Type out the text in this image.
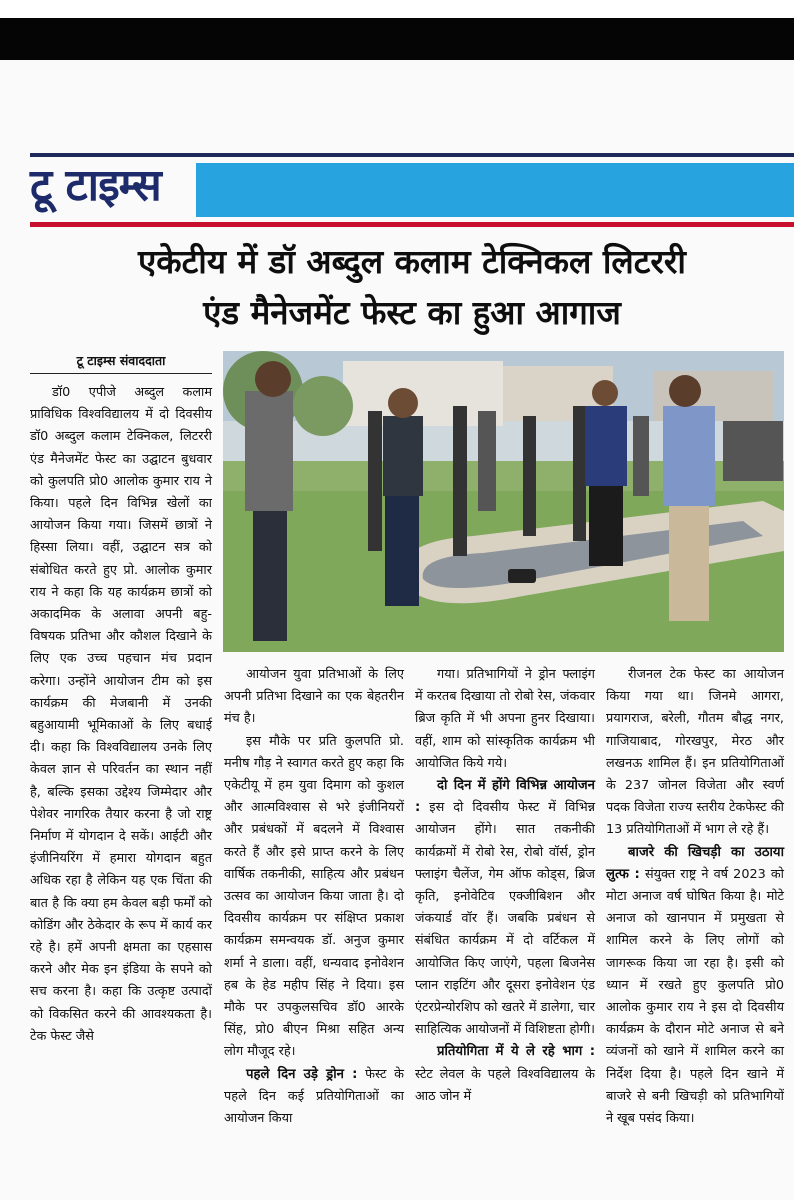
टू टाइम्स
एकेटीय में डॉ अब्दुल कलाम टेक्निकल लिटररी
एंड मैनेजमेंट फेस्ट का हुआ आगाज
टू टाइम्स संवाददाता

डॉ0 एपीजे अब्दुल कलाम प्राविधिक विश्वविद्यालय में दो दिवसीय डॉ0 अब्दुल कलाम टेक्निकल, लिटररी एंड मैनेजमेंट फेस्ट का उद्घाटन बुधवार को कुलपति प्रो0 आलोक कुमार राय ने किया। पहले दिन विभिन्न खेलों का आयोजन किया गया। जिसमें छात्रों ने हिस्सा लिया। वहीं, उद्घाटन सत्र को संबोधित करते हुए प्रो. आलोक कुमार राय ने कहा कि यह कार्यक्रम छात्रों को अकादमिक के अलावा अपनी बहु-विषयक प्रतिभा और कौशल दिखाने के लिए एक उच्च पहचान मंच प्रदान करेगा। उन्होंने आयोजन टीम को इस कार्यक्रम की मेजबानी में उनकी बहुआयामी भूमिकाओं के लिए बधाई दी। कहा कि विश्वविद्यालय उनके लिए केवल ज्ञान से परिवर्तन का स्थान नहीं है, बल्कि इसका उद्देश्य जिम्मेदार और पेशेवर नागरिक तैयार करना है जो राष्ट्र निर्माण में योगदान दे सकें। आईटी और इंजीनियरिंग में हमारा योगदान बहुत अधिक रहा है लेकिन यह एक चिंता की बात है कि क्या हम केवल बड़ी फर्मों को कोडिंग और ठेकेदार के रूप में कार्य कर रहे है। हमें अपनी क्षमता का एहसास करने और मेक इन इंडिया के सपने को सच करना है। कहा कि उत्कृष्ट उत्पादों को विकसित करने की आवश्यकता है। टेक फेस्ट जैसे

आयोजन युवा प्रतिभाओं के लिए अपनी प्रतिभा दिखाने का एक बेहतरीन मंच है।

इस मौके पर प्रति कुलपति प्रो. मनीष गौड़ ने स्वागत करते हुए कहा कि एकेटीयू में हम युवा दिमाग को कुशल और आत्मविश्वास से भरे इंजीनियरों और प्रबंधकों में बदलने में विश्वास करते हैं और इसे प्राप्त करने के लिए वार्षिक तकनीकी, साहित्य और प्रबंधन उत्सव का आयोजन किया जाता है। दो दिवसीय कार्यक्रम पर संक्षिप्त प्रकाश कार्यक्रम समन्वयक डॉ. अनुज कुमार शर्मा ने डाला। वहीं, धन्यवाद इनोवेशन हब के हेड महीप सिंह ने दिया। इस मौके पर उपकुलसचिव डॉ0 आरके सिंह, प्रो0 बीएन मिश्रा सहित अन्य लोग मौजूद रहे।

पहले दिन उड़े ड्रोन : फेस्ट के पहले दिन कई प्रतियोगिताओं का आयोजन किया

गया। प्रतिभागियों ने ड्रोन फ्लाइंग में करतब दिखाया तो रोबो रेस, जंकवार ब्रिज कृति में भी अपना हुनर दिखाया। वहीं, शाम को सांस्कृतिक कार्यक्रम भी आयोजित किये गये।

दो दिन में होंगे विभिन्न आयोजन : इस दो दिवसीय फेस्ट में विभिन्न आयोजन होंगे। सात तकनीकी कार्यक्रमों में रोबो रेस, रोबो वॉर्स, ड्रोन फ्लाइंग चैलेंज, गेम ऑफ कोड्स, ब्रिज कृति, इनोवेटिव एक्जीबिशन और जंकयार्ड वॉर हैं। जबकि प्रबंधन से संबंधित कार्यक्रम में दो वर्टिकल में आयोजित किए जाएंगे, पहला बिजनेस प्लान राइटिंग और दूसरा इनोवेशन एंड एंटरप्रेन्योरशिप को खतरे में डालेगा, चार साहित्यिक आयोजनों में विशिष्टता होगी।

प्रतियोगिता में ये ले रहे भाग : स्टेट लेवल के पहले विश्वविद्यालय के आठ जोन में

रीजनल टेक फेस्ट का आयोजन किया गया था। जिनमे आगरा, प्रयागराज, बरेली, गौतम बौद्ध नगर, गाजियाबाद, गोरखपुर, मेरठ और लखनऊ शामिल हैं। इन प्रतियोगिताओं के 237 जोनल विजेता और स्वर्ण पदक विजेता राज्य स्तरीय टेकफेस्ट की 13 प्रतियोगिताओं में भाग ले रहे हैं।

बाजरे की खिचड़ी का उठाया लुत्फ : संयुक्त राष्ट्र ने वर्ष 2023 को मोटा अनाज वर्ष घोषित किया है। मोटे अनाज को खानपान में प्रमुखता से शामिल करने के लिए लोगों को जागरूक किया जा रहा है। इसी को ध्यान में रखते हुए कुलपति प्रो0 आलोक कुमार राय ने इस दो दिवसीय कार्यक्रम के दौरान मोटे अनाज से बने व्यंजनों को खाने में शामिल करने का निर्देश दिया है। पहले दिन खाने में बाजरे से बनी खिचड़ी को प्रतिभागियों ने खूब पसंद किया।
